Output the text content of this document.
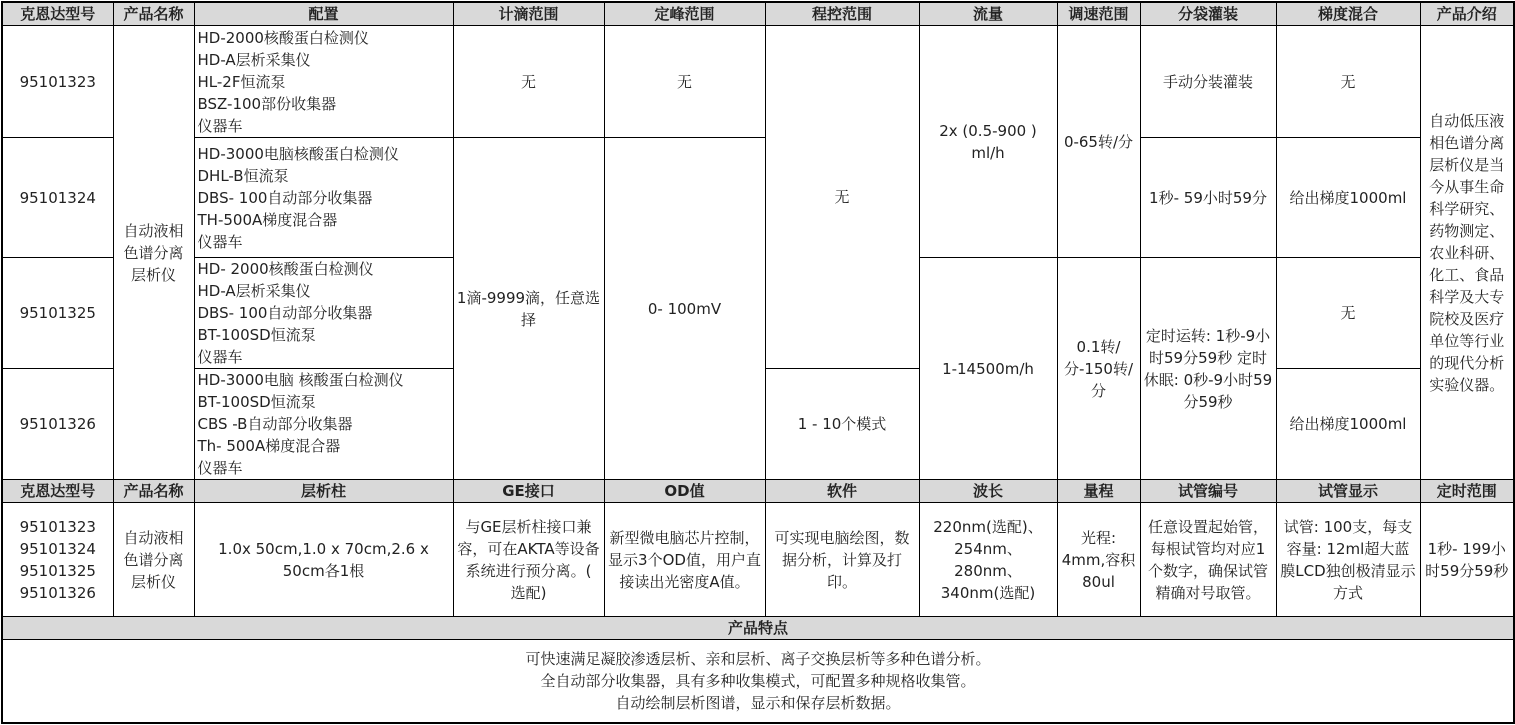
克恩达型号	产品名称	配置	计滴范围	定峰范围	程控范围	流量	调速范围	分袋灌装	梯度混合	产品介绍
95101323	自动液相色谱分离层析仪	HD-2000核酸蛋白检测仪
HD-A层析采集仪
HL-2F恒流泵
BSZ-100部份收集器
仪器车	无	无	无	2x (0.5-900 ) ml/h	0-65转/分	手动分装灌装	无	自动低压液相色谱分离层析仪是当今从事生命科学研究、药物测定、农业科研、化工、食品科学及大专院校及医疗单位等行业的现代分析实验仪器。
95101324		HD-3000电脑核酸蛋白检测仪
DHL-B恒流泵
DBS- 100自动部分收集器
TH-500A梯度混合器
仪器车	1滴-9999滴，任意选择	0- 100mV				1秒- 59小时59分	给出梯度1000ml	
95101325		HD- 2000核酸蛋白检测仪
HD-A层析采集仪
DBS- 100自动部分收集器
BT-100SD恒流泵
仪器车				1-14500m/h	0.1转/分-150转/分	定时运转: 1秒-9小时59分59秒 定时休眠: 0秒-9小时59分59秒	无	
95101326		HD-3000电脑 核酸蛋白检测仪
BT-100SD恒流泵
CBS -B自动部分收集器
Th- 500A梯度混合器
仪器车			1 - 10个模式				给出梯度1000ml	
克恩达型号	产品名称	层析柱	GE接口	OD值	软件	波长	量程	试管编号	试管显示	定时范围

95101323
95101324
95101325
95101326	自动液相色谱分离层析仪	1.0x 50cm,1.0 x 70cm,2.6 x 50cm各1根	与GE层析柱接口兼容，可在AKTA等设备系统进行预分离。( 选配)	新型微电脑芯片控制，显示3个OD值，用户直接读出光密度A值。	可实现电脑绘图，数据分析，计算及打印。	220nm(选配)、254nm、280nm、340nm(选配)	光程: 4mm,容积80ul	任意设置起始管，每根试管均对应1个数字，确保试管精确对号取管。	试管: 100支，每支容量: 12ml超大蓝膜LCD独创极清显示方式	1秒- 199小时59分59秒
产品特点										

可快速满足凝胶渗透层析、亲和层析、离子交换层析等多种色谱分析。
全自动部分收集器，具有多种收集模式，可配置多种规格收集管。
自动绘制层析图谱，显示和保存层析数据。										
